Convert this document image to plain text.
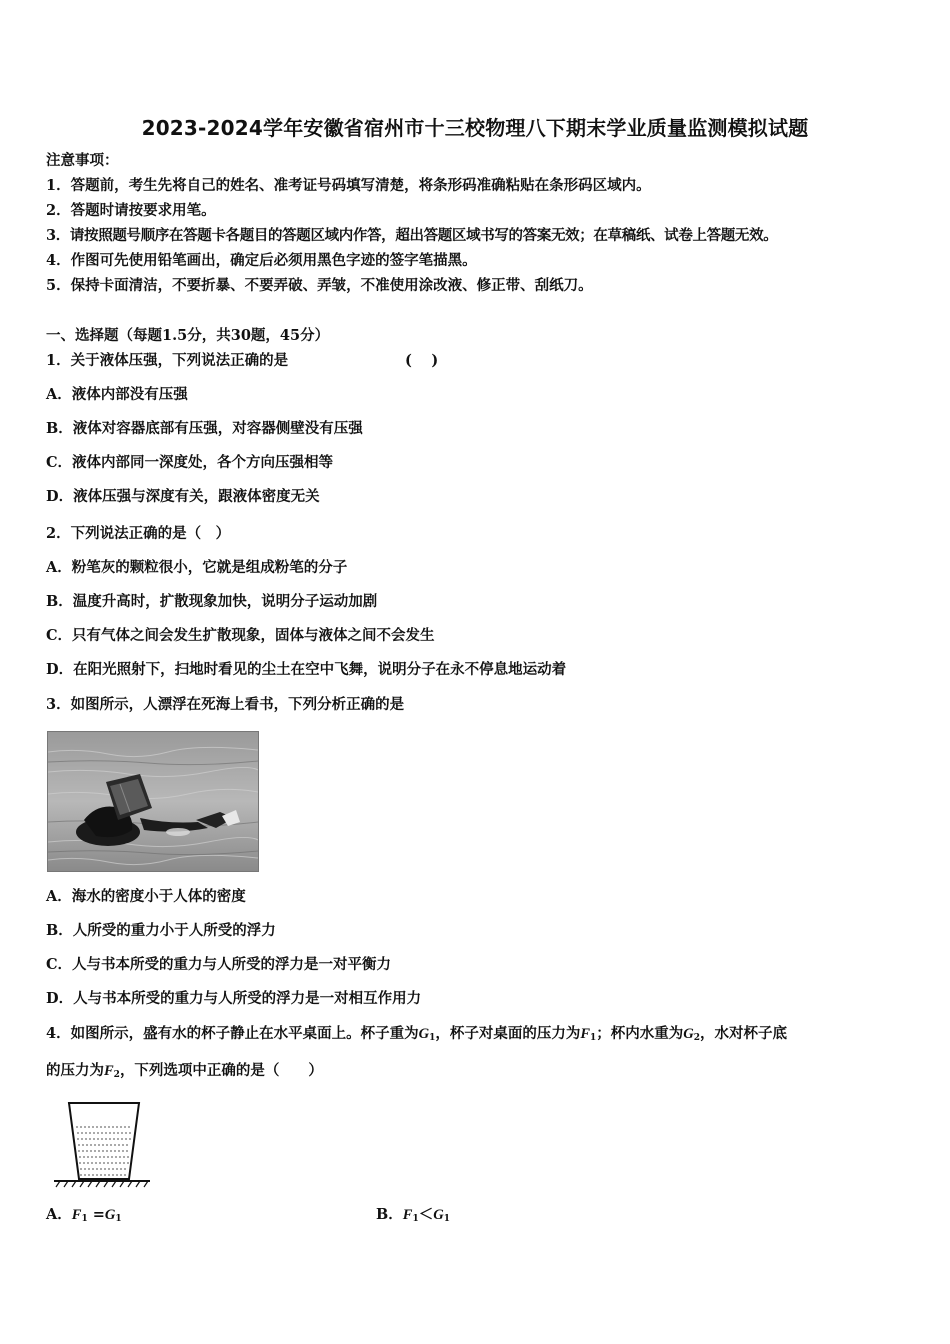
2023-2024学年安徽省宿州市十三校物理八下期末学业质量监测模拟试题
注意事项：
1．答题前，考生先将自己的姓名、准考证号码填写清楚，将条形码准确粘贴在条形码区域内。
2．答题时请按要求用笔。
3．请按照题号顺序在答题卡各题目的答题区域内作答，超出答题区域书写的答案无效；在草稿纸、试卷上答题无效。
4．作图可先使用铅笔画出，确定后必须用黑色字迹的签字笔描黑。
5．保持卡面清洁，不要折暴、不要弄破、弄皱，不准使用涂改液、修正带、刮纸刀。
一、选择题（每题1.5分，共30题，45分）
1．关于液体压强，下列说法正确的是	(　 )
A．液体内部没有压强
B．液体对容器底部有压强，对容器侧壁没有压强
C．液体内部同一深度处，各个方向压强相等
D．液体压强与深度有关，跟液体密度无关
2．下列说法正确的是（　）
A．粉笔灰的颗粒很小，它就是组成粉笔的分子
B．温度升高时，扩散现象加快，说明分子运动加剧
C．只有气体之间会发生扩散现象，固体与液体之间不会发生
D．在阳光照射下，扫地时看见的尘土在空中飞舞，说明分子在永不停息地运动着
3．如图所示，人漂浮在死海上看书，下列分析正确的是
A．海水的密度小于人体的密度
B．人所受的重力小于人所受的浮力
C．人与书本所受的重力与人所受的浮力是一对平衡力
D．人与书本所受的重力与人所受的浮力是一对相互作用力
4．如图所示，盛有水的杯子静止在水平桌面上。杯子重为$G_1$，杯子对桌面的压力为$F_1$；杯内水重为$G_2$，水对杯子底
的压力为$F_2$，下列选项中正确的是（　　）
A．$F_1 =G_1$	B．$F_1<G_1$
